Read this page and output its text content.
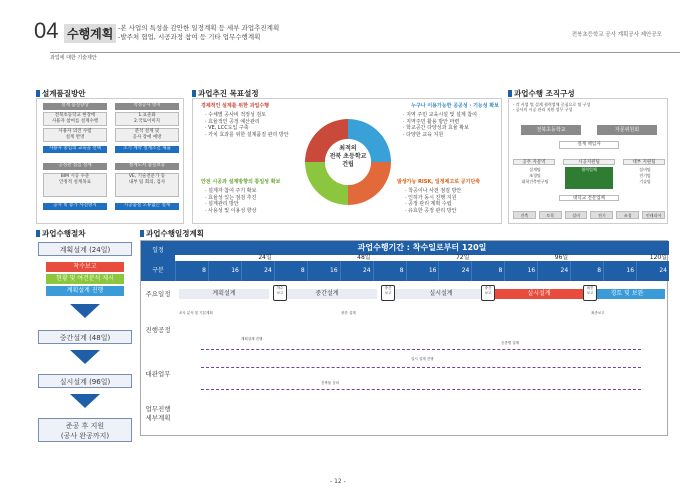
04 수행계획 -본 사업의 특성을 감안한 일정계획 등 세부 과업추진계획
-발주처 협업, 시공과정 참여 등 기타 업무수행계획	전북초등학교 공사 계획공사 제안공모
과업에 대한 기술제안
설계품질방안	과업추진 목표설정	과업수행 조직구성
과업수행절차	과업수행일정계획
설계 품질향상
전북초등학교 현장에
사용자 참여를 설계수행
사용자 의견 수렴
설계 반영
사용자 중심의 교육을 선택
적정공사 방지
1.표준화
2.국토이미지
분석 설계 및
공사 장애 예방
조기 계약 설계조건 제출
공정관 점검 설계
BIM 시공 수준
안정적 설계목표
공사 비 증가 사전방지
설계도서 품질보증
VE, 기술전문가 등
내부 팀 회의, 검사
시공품질 오류없는 설계
최적의
전북 초등학교
건립
경제적인 설계를 위한 과업수행
· 수체별 공사비 적정성 검토
· 효율적인 공정 예산관리
· VE, LCC도입 구축
· 가치 효과를 위한 설계품질 관리 방안
누구나 이용가능한 공공성 · 기능성 확보
· 지역 주민 교육시설 및 설계 참여
· 지역주민 활용 방안 마련
· 학교공간 다양성과 효율 확보
· 다양한 교육 지원
안전 시공과 설계방향의 통일성 확보
· 설계자 참여 주기 확보
· 효율성 있는 점검 추진
· 설계관리 방안
· 사용성 및 이용성 향상
발생가능 RISK, 일정제고로 공기단축
· 착공이나 사전 점검 방안
· 인허가 동시 진행 지원
· 공정 관리 계획 수립
· 유효한 공정 관리 방안
- 각 사업 별 설계 협력업체 중심으로 팀 구성
- 공사의 시공 관리 지원 업무 구성
전북초등학교	자문위원회
설계 책임자
공무 자문역
설계팀
조경팀
대학건축연구팀
시공지원팀
협력업체
대부 지원팀
설비팀
전기팀
기술팀
대학교 전문업체
건축	토목	설비	전기	조경	인테리어
계획설계 (24일)
착수보고
현황 및 여건분석 제시
계획설계 진행
중간설계 (48일)
실시설계 (96일)
준공 후 지원
(공사 완공까지)
일정	과업수행기간 : 착수일로부터 120일
24일	48일	72일	96일	120일
구분	8	16	24	8	16	24	8	16	24	8	16	24	8	16	24
주요일정
진행공정
대관업무
업무진행
세부계획
계획설계	중간설계	실시설계	실시설계	경토 및 보완
착수
보고
중간
보고
중간
보고
최종
보고
조사 분석 및 기본계획
계획설계 진행
건축물 심의
중간 설계
실시 설계 진행
공종별 설계
최종보고
- 12 -
